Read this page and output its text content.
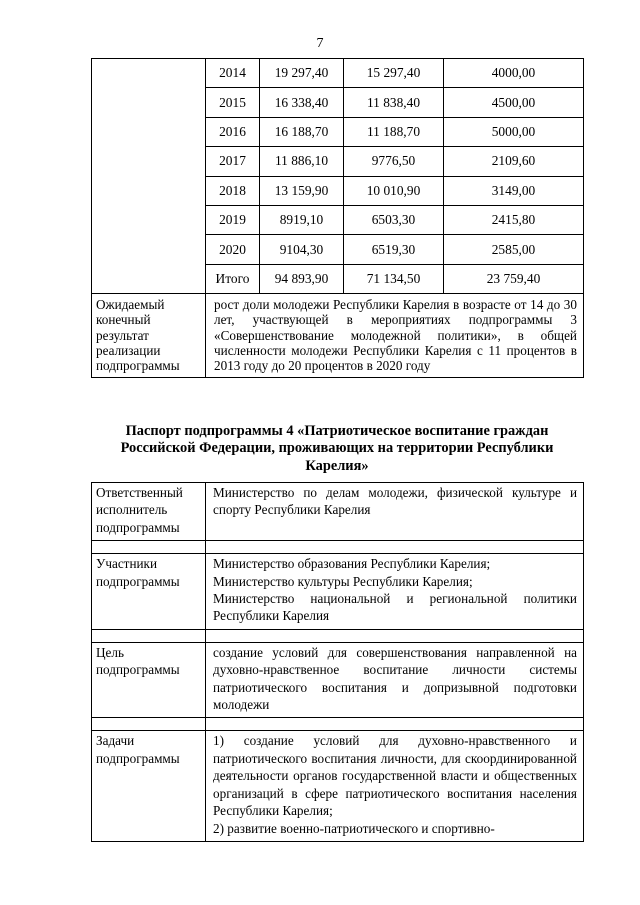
7
	2014	19 297,40	15 297,40	4000,00
	2015	16 338,40	11 838,40	4500,00
	2016	16 188,70	11 188,70	5000,00
	2017	11 886,10	9776,50	2109,60
	2018	13 159,90	10 010,90	3149,00
	2019	8919,10	6503,30	2415,80
	2020	9104,30	6519,30	2585,00
	Итого	94 893,90	71 134,50	23 759,40
Ожидаемый конечный результат реализации подпрограммы	рост доли молодежи Республики Карелия в возрасте от 14 до 30 лет, участвующей в мероприятиях подпрограммы 3 «Совершенствование молодежной политики», в общей численности молодежи Республики Карелия с 11 процентов в 2013 году до 20 процентов в 2020 году			
Паспорт подпрограммы 4 «Патриотическое воспитание граждан Российской Федерации, проживающих на территории Республики Карелия»
Ответственный исполнитель подпрограммы	Министерство по делам молодежи, физической культуре и спорту Республики Карелия

Участники подпрограммы	Министерство образования Республики Карелия;
Министерство культуры Республики Карелия;
Министерство национальной и региональной политики Республики Карелия

Цель подпрограммы	создание условий для совершенствования направленной на духовно-нравственное воспитание личности системы патриотического воспитания и допризывной подготовки молодежи

Задачи подпрограммы	1) создание условий для духовно-нравственного и патриотического воспитания личности, для скоординированной деятельности органов государственной власти и общественных организаций в сфере патриотического воспитания населения Республики Карелия;
2) развитие военно-патриотического и спортивно-
